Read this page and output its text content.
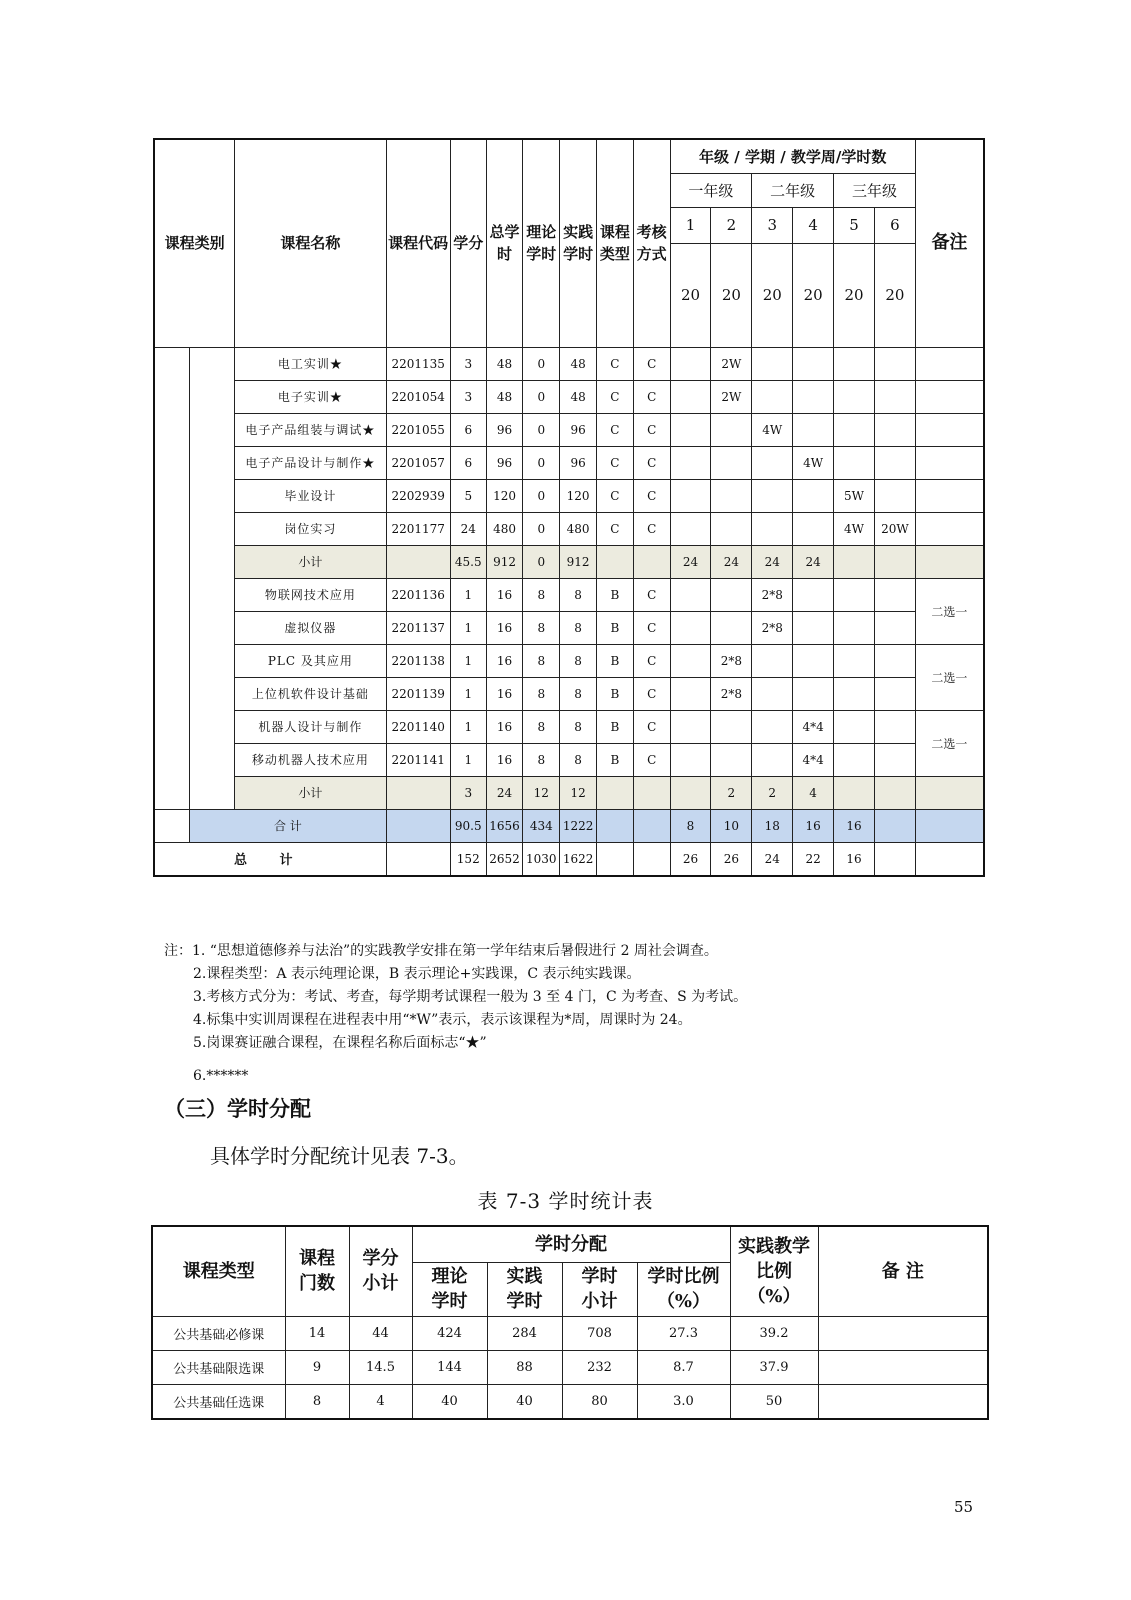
课程类别		课程名称	课程代码	学分	总学时	理论学时	实践学时	课程类型	考核方式	年级 / 学期 / 教学周/学时数						备注
										一年级		二年级		三年级		
										1	2	3	4	5	6	
										20	20	20	20	20	20	
		电工实训★	2201135	3	48	0	48	C	C		2W					
		电子实训★	2201054	3	48	0	48	C	C		2W					
		电子产品组装与调试★	2201055	6	96	0	96	C	C			4W				
		电子产品设计与制作★	2201057	6	96	0	96	C	C				4W			
		毕业设计	2202939	5	120	0	120	C	C					5W		
		岗位实习	2201177	24	480	0	480	C	C					4W	20W	
		小计		45.5	912	0	912			24	24	24	24			
		物联网技术应用	2201136	1	16	8	8	B	C			2*8				二选一
		虚拟仪器	2201137	1	16	8	8	B	C			2*8				
		PLC 及其应用	2201138	1	16	8	8	B	C		2*8					二选一
		上位机软件设计基础	2201139	1	16	8	8	B	C		2*8					
		机器人设计与制作	2201140	1	16	8	8	B	C				4*4			二选一
		移动机器人技术应用	2201141	1	16	8	8	B	C				4*4			
		小计		3	24	12	12				2	2	4			
	合 计			90.5	1656	434	1222			8	10	18	16	16		
总 计				152	2652	1030	1622			26	26	24	22	16		
注：1. “思想道德修养与法治”的实践教学安排在第一学年结束后暑假进行 2 周社会调查。
2.课程类型：A 表示纯理论课，B 表示理论+实践课，C 表示纯实践课。
3.考核方式分为：考试、考查，每学期考试课程一般为 3 至 4 门，C 为考查、S 为考试。
4.标集中实训周课程在进程表中用“*W”表示，表示该课程为*周，周课时为 24。
5.岗课赛证融合课程，在课程名称后面标志“★”
6.******
（三）学时分配
具体学时分配统计见表 7-3。
表 7-3 学时统计表
课程类型	课程门数	学分小计	学时分配				实践教学比例（%）	备 注
			理论学时	实践学时	学时小计	学时比例（%）		
公共基础必修课	14	44	424	284	708	27.3	39.2	
公共基础限选课	9	14.5	144	88	232	8.7	37.9	
公共基础任选课	8	4	40	40	80	3.0	50	
55
